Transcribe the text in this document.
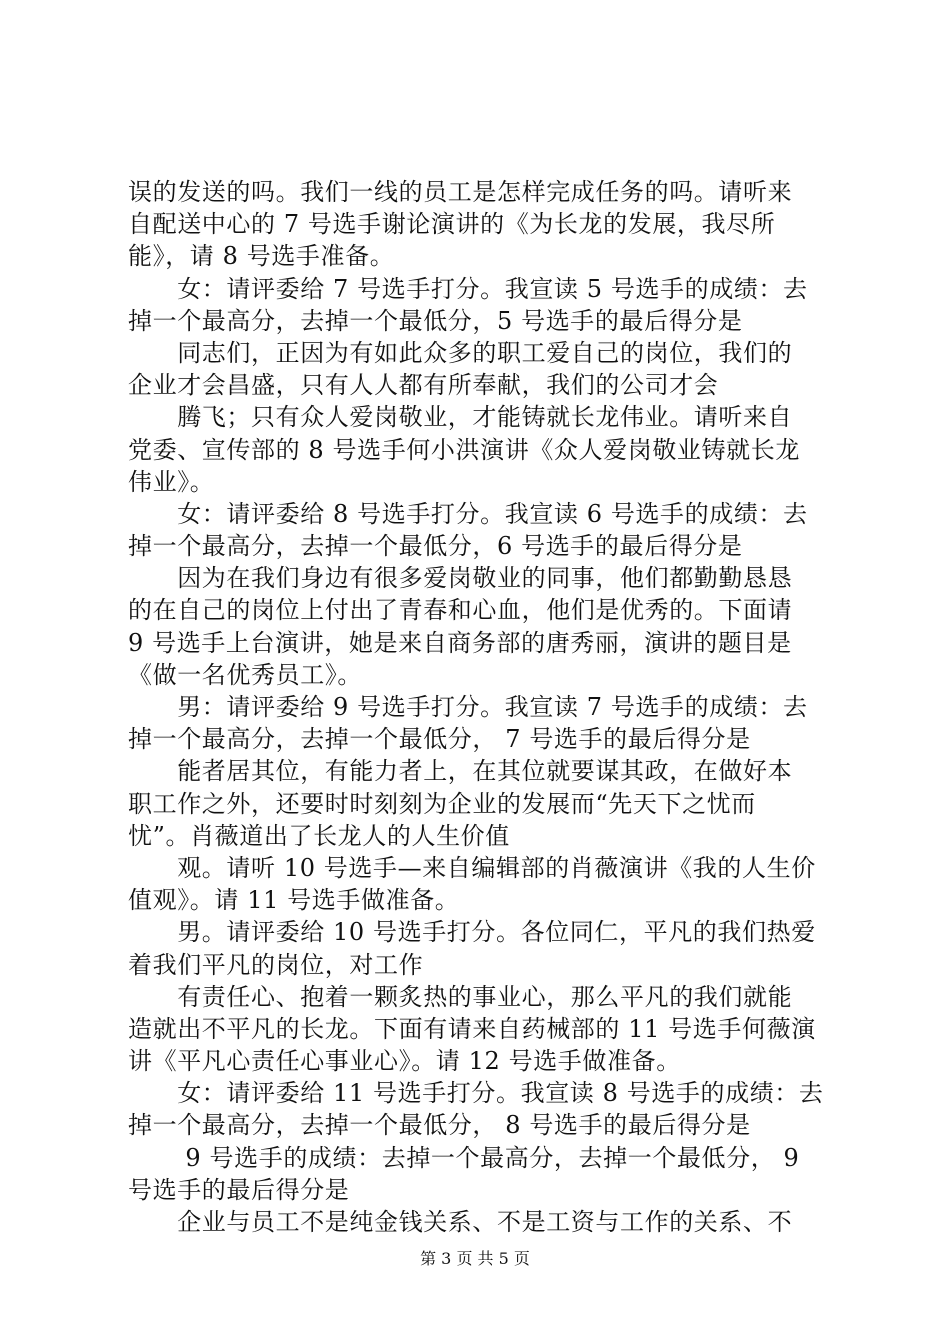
误的发送的吗。我们一线的员工是怎样完成任务的吗。请听来
自配送中心的 7 号选手谢论演讲的《为长龙的发展，我尽所
能》，请 8 号选手准备。
　　女：请评委给 7 号选手打分。我宣读 5 号选手的成绩：去
掉一个最高分，去掉一个最低分，5 号选手的最后得分是
　　同志们，正因为有如此众多的职工爱自己的岗位，我们的
企业才会昌盛，只有人人都有所奉献，我们的公司才会
　　腾飞；只有众人爱岗敬业，才能铸就长龙伟业。请听来自
党委、宣传部的 8 号选手何小洪演讲《众人爱岗敬业铸就长龙
伟业》。
　　女：请评委给 8 号选手打分。我宣读 6 号选手的成绩：去
掉一个最高分，去掉一个最低分，6 号选手的最后得分是
　　因为在我们身边有很多爱岗敬业的同事，他们都勤勤恳恳
的在自己的岗位上付出了青春和心血，他们是优秀的。下面请
9 号选手上台演讲，她是来自商务部的唐秀丽，演讲的题目是
《做一名优秀员工》。
　　男：请评委给 9 号选手打分。我宣读 7 号选手的成绩：去
掉一个最高分，去掉一个最低分， 7 号选手的最后得分是
　　能者居其位，有能力者上，在其位就要谋其政，在做好本
职工作之外，还要时时刻刻为企业的发展而“先天下之忧而
忧”。肖薇道出了长龙人的人生价值
　　观。请听 10 号选手—来自编辑部的肖薇演讲《我的人生价
值观》。请 11 号选手做准备。
　　男。请评委给 10 号选手打分。各位同仁，平凡的我们热爱
着我们平凡的岗位，对工作
　　有责任心、抱着一颗炙热的事业心，那么平凡的我们就能
造就出不平凡的长龙。下面有请来自药械部的 11 号选手何薇演
讲《平凡心责任心事业心》。请 12 号选手做准备。
　　女：请评委给 11 号选手打分。我宣读 8 号选手的成绩：去
掉一个最高分，去掉一个最低分， 8 号选手的最后得分是
　　 9 号选手的成绩：去掉一个最高分，去掉一个最低分， 9
号选手的最后得分是
　　企业与员工不是纯金钱关系、不是工资与工作的关系、不
第 3 页 共 5 页
